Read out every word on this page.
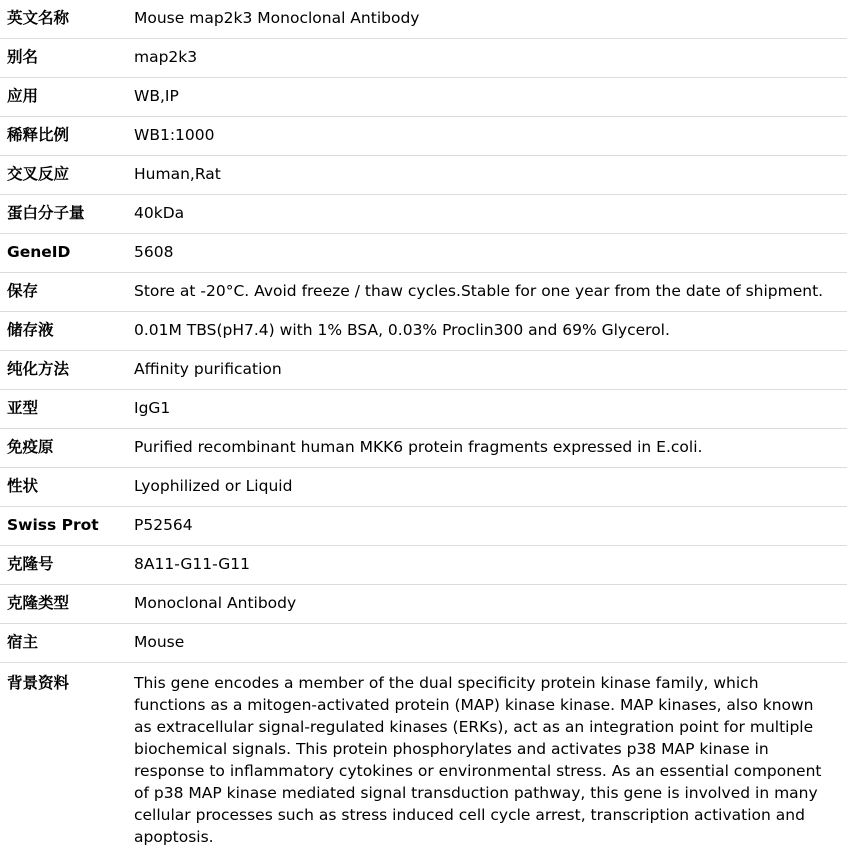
英文名称	Mouse map2k3 Monoclonal Antibody
别名	map2k3
应用	WB,IP
稀释比例	WB1:1000
交叉反应	Human,Rat
蛋白分子量	40kDa
GeneID	5608
保存	Store at -20°C. Avoid freeze / thaw cycles.Stable for one year from the date of shipment.
储存液	0.01M TBS(pH7.4) with 1% BSA, 0.03% Proclin300 and 69% Glycerol.
纯化方法	Affinity purification
亚型	IgG1
免疫原	Purified recombinant human MKK6 protein fragments expressed in E.coli.
性状	Lyophilized or Liquid
Swiss Prot	P52564
克隆号	8A11-G11-G11
克隆类型	Monoclonal Antibody
宿主	Mouse
背景资料	This gene encodes a member of the dual specificity protein kinase family, which functions as a mitogen-activated protein (MAP) kinase kinase. MAP kinases, also known as extracellular signal-regulated kinases (ERKs), act as an integration point for multiple biochemical signals. This protein phosphorylates and activates p38 MAP kinase in response to inflammatory cytokines or environmental stress. As an essential component of p38 MAP kinase mediated signal transduction pathway, this gene is involved in many cellular processes such as stress induced cell cycle arrest, transcription activation and apoptosis.
